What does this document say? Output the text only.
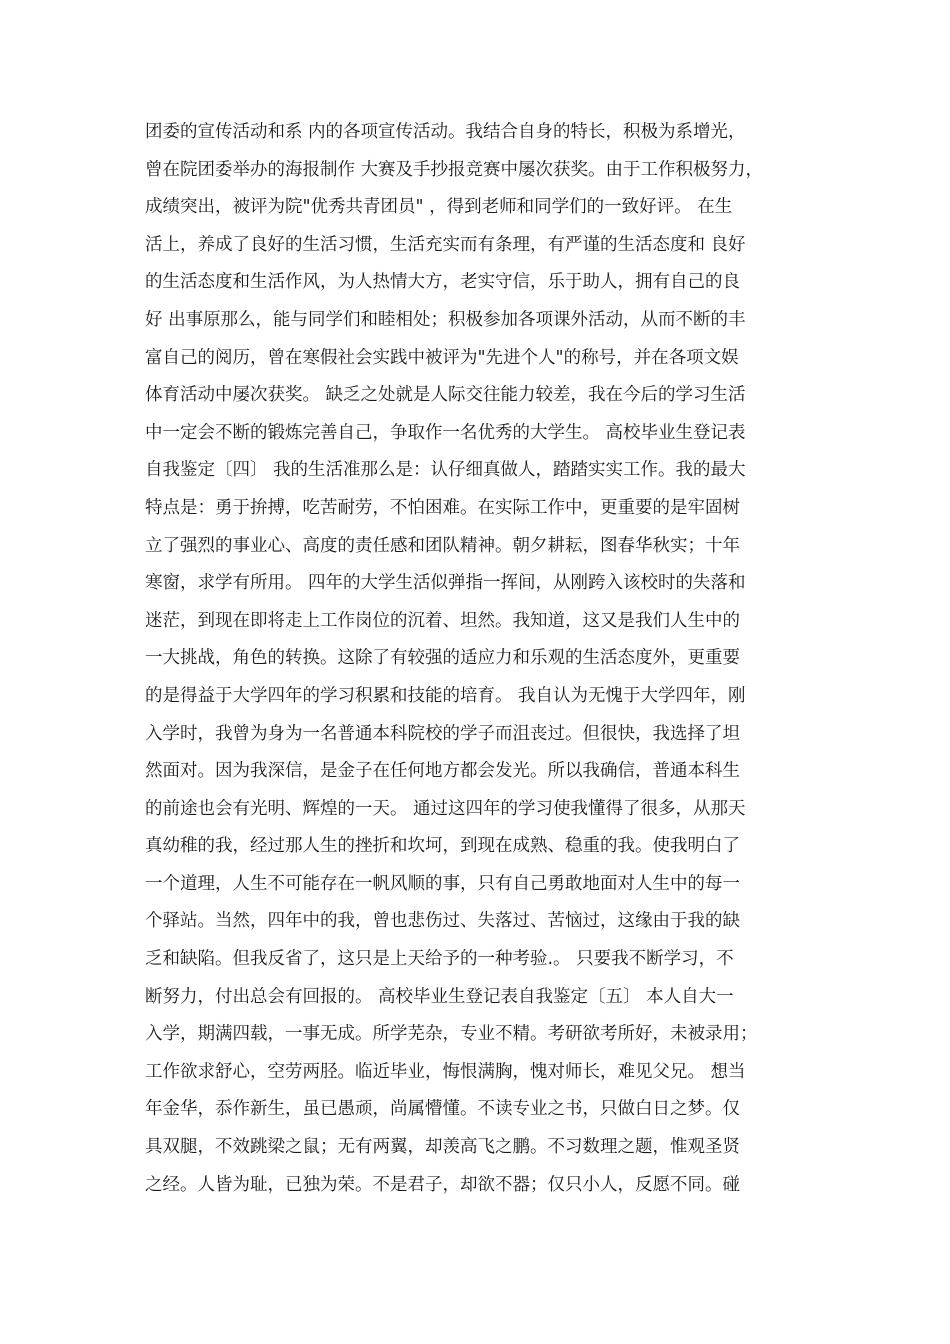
团委的宣传活动和系 内的各项宣传活动。我结合自身的特长，积极为系增光，
曾在院团委举办的海报制作 大赛及手抄报竞赛中屡次获奖。由于工作积极努力，
成绩突出，被评为院"优秀共青团员" ，得到老师和同学们的一致好评。 在生
活上，养成了良好的生活习惯，生活充实而有条理，有严谨的生活态度和 良好
的生活态度和生活作风，为人热情大方，老实守信，乐于助人，拥有自己的良
好 出事原那么，能与同学们和睦相处；积极参加各项课外活动，从而不断的丰
富自己的阅历，曾在寒假社会实践中被评为"先进个人"的称号，并在各项文娱
体育活动中屡次获奖。 缺乏之处就是人际交往能力较差，我在今后的学习生活
中一定会不断的锻炼完善自己，争取作一名优秀的大学生。 高校毕业生登记表
自我鉴定〔四〕 我的生活准那么是：认仔细真做人，踏踏实实工作。我的最大
特点是：勇于拚搏，吃苦耐劳，不怕困难。在实际工作中，更重要的是牢固树
立了强烈的事业心、高度的责任感和团队精神。朝夕耕耘，图春华秋实；十年
寒窗，求学有所用。 四年的大学生活似弹指一挥间，从刚跨入该校时的失落和
迷茫，到现在即将走上工作岗位的沉着、坦然。我知道，这又是我们人生中的
一大挑战，角色的转换。这除了有较强的适应力和乐观的生活态度外，更重要
的是得益于大学四年的学习积累和技能的培育。 我自认为无愧于大学四年，刚
入学时，我曾为身为一名普通本科院校的学子而沮丧过。但很快，我选择了坦
然面对。因为我深信，是金子在任何地方都会发光。所以我确信，普通本科生
的前途也会有光明、辉煌的一天。 通过这四年的学习使我懂得了很多，从那天
真幼稚的我，经过那人生的挫折和坎坷，到现在成熟、稳重的我。使我明白了
一个道理，人生不可能存在一帆风顺的事，只有自己勇敢地面对人生中的每一
个驿站。当然，四年中的我，曾也悲伤过、失落过、苦恼过，这缘由于我的缺
乏和缺陷。但我反省了，这只是上天给予的一种考验.。 只要我不断学习，不
断努力，付出总会有回报的。 高校毕业生登记表自我鉴定〔五〕 本人自大一
入学，期满四载，一事无成。所学芜杂，专业不精。考研欲考所好，未被录用；
工作欲求舒心，空劳两胫。临近毕业，悔恨满胸，愧对师长，难见父兄。 想当
年金华，忝作新生，虽已愚顽，尚属懵懂。不读专业之书，只做白日之梦。仅
具双腿，不效跳梁之鼠；无有两翼，却羡高飞之鹏。不习数理之题，惟观圣贤
之经。人皆为耻，已独为荣。不是君子，却欲不器；仅只小人，反愿不同。碰
